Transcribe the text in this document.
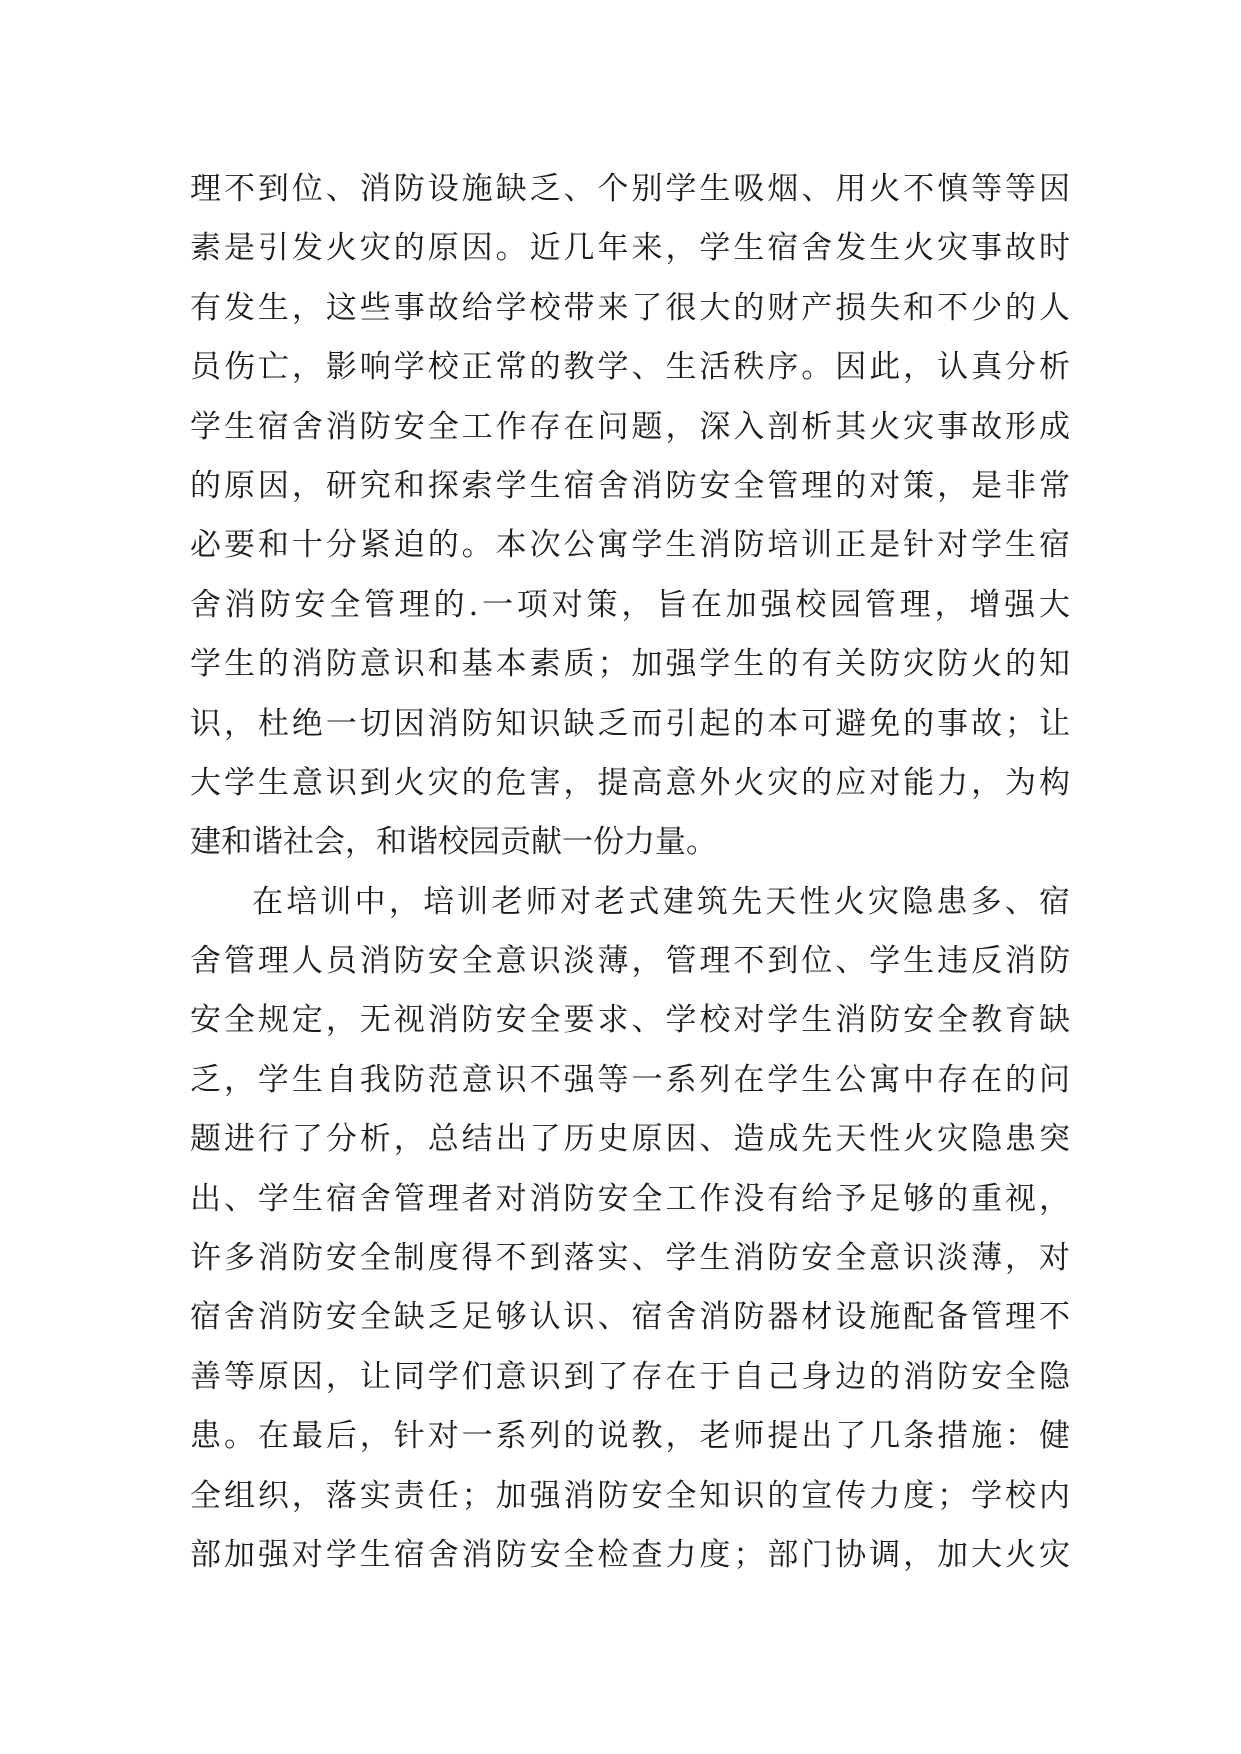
理不到位、消防设施缺乏、个别学生吸烟、用火不慎等等因
素是引发火灾的原因。近几年来，学生宿舍发生火灾事故时
有发生，这些事故给学校带来了很大的财产损失和不少的人
员伤亡，影响学校正常的教学、生活秩序。因此，认真分析
学生宿舍消防安全工作存在问题，深入剖析其火灾事故形成
的原因，研究和探索学生宿舍消防安全管理的对策，是非常
必要和十分紧迫的。本次公寓学生消防培训正是针对学生宿
舍消防安全管理的.一项对策，旨在加强校园管理，增强大
学生的消防意识和基本素质；加强学生的有关防灾防火的知
识，杜绝一切因消防知识缺乏而引起的本可避免的事故；让
大学生意识到火灾的危害，提高意外火灾的应对能力，为构
建和谐社会，和谐校园贡献一份力量。
在培训中，培训老师对老式建筑先天性火灾隐患多、宿
舍管理人员消防安全意识淡薄，管理不到位、学生违反消防
安全规定，无视消防安全要求、学校对学生消防安全教育缺
乏，学生自我防范意识不强等一系列在学生公寓中存在的问
题进行了分析，总结出了历史原因、造成先天性火灾隐患突
出、学生宿舍管理者对消防安全工作没有给予足够的重视，
许多消防安全制度得不到落实、学生消防安全意识淡薄，对
宿舍消防安全缺乏足够认识、宿舍消防器材设施配备管理不
善等原因，让同学们意识到了存在于自己身边的消防安全隐
患。在最后，针对一系列的说教，老师提出了几条措施：健
全组织，落实责任；加强消防安全知识的宣传力度；学校内
部加强对学生宿舍消防安全检查力度；部门协调，加大火灾
